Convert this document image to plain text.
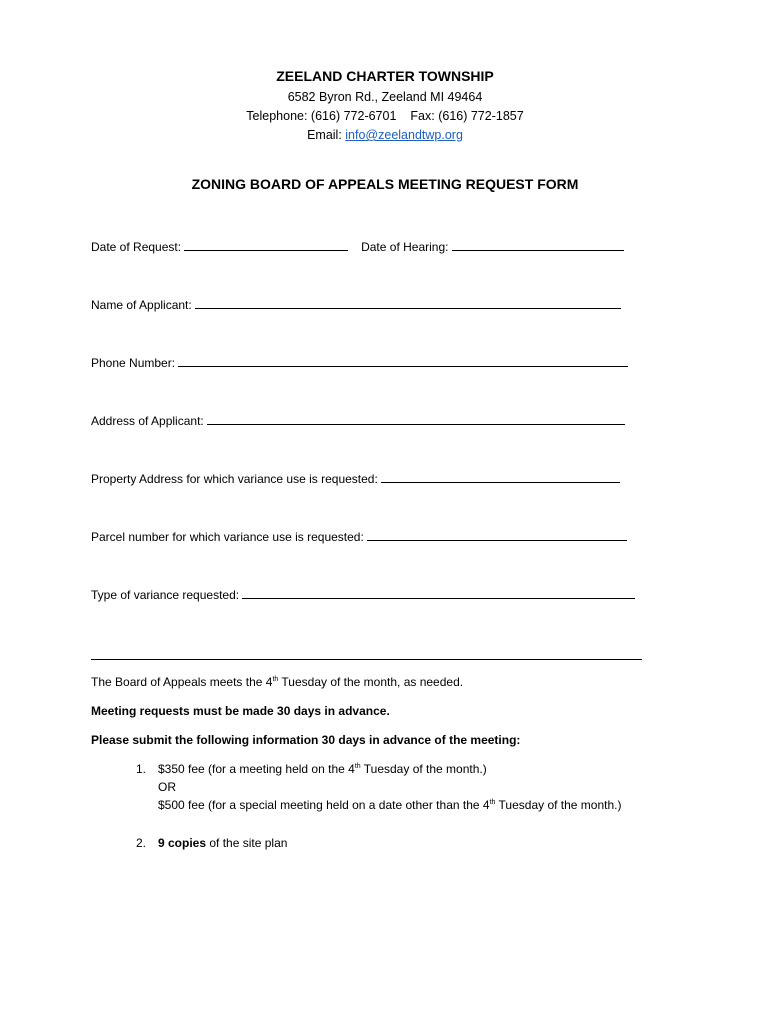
ZEELAND CHARTER TOWNSHIP
6582 Byron Rd., Zeeland MI 49464
Telephone: (616) 772-6701 Fax: (616) 772-1857
Email: info@zeelandtwp.org
ZONING BOARD OF APPEALS MEETING REQUEST FORM
Date of Request:	Date of Hearing:
Name of Applicant:
Phone Number:
Address of Applicant:
Property Address for which variance use is requested:
Parcel number for which variance use is requested:
Type of variance requested:
The Board of Appeals meets the 4th Tuesday of the month, as needed.
Meeting requests must be made 30 days in advance.
Please submit the following information 30 days in advance of the meeting:
1. $350 fee (for a meeting held on the 4th Tuesday of the month.)
OR
$500 fee (for a special meeting held on a date other than the 4th Tuesday of the month.)
2. 9 copies of the site plan
